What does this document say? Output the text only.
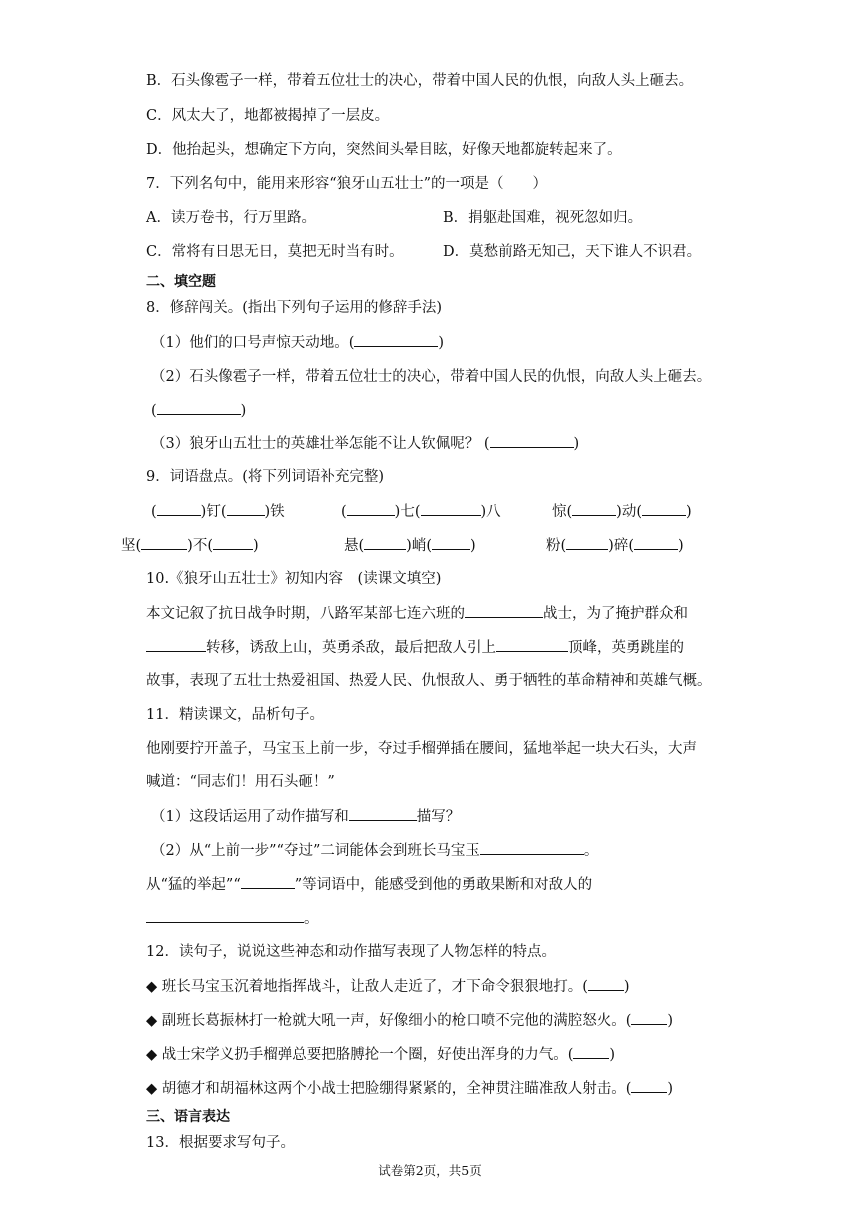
B．石头像雹子一样，带着五位壮士的决心，带着中国人民的仇恨，向敌人头上砸去。
C．风太大了，地都被揭掉了一层皮。
D．他抬起头，想确定下方向，突然间头晕目眩，好像天地都旋转起来了。
7．下列名句中，能用来形容“狼牙山五壮士”的一项是（　　）
A．读万卷书，行万里路。	B．捐躯赴国难，视死忽如归。
C．常将有日思无日，莫把无时当有时。	D．莫愁前路无知己，天下谁人不识君。
二、填空题
8．修辞闯关。(指出下列句子运用的修辞手法)
（1）他们的口号声惊天动地。(	)
（2）石头像雹子一样，带着五位壮士的决心，带着中国人民的仇恨，向敌人头上砸去。
(	)
（3）狼牙山五壮士的英雄壮举怎能不让人钦佩呢？ (	)
9．词语盘点。(将下列词语补充完整)
(	)钉(	)铁	(	)七(	)八	惊(	)动(	)
坚(	)不(	)	悬(	)峭(	)	粉(	)碎(	)
10.《狼牙山五壮士》初知内容　(读课文填空)
本文记叙了抗日战争时期，八路军某部七连六班的	战士，为了掩护群众和
转移，诱敌上山，英勇杀敌，最后把敌人引上	顶峰，英勇跳崖的
故事，表现了五壮士热爱祖国、热爱人民、仇恨敌人、勇于牺牲的革命精神和英雄气概。
11．精读课文，品析句子。
他刚要拧开盖子，马宝玉上前一步，夺过手榴弹插在腰间，猛地举起一块大石头，大声
喊道：“同志们！用石头砸！”
（1）这段话运用了动作描写和	描写？
（2）从“上前一步”“夺过”二词能体会到班长马宝玉	。
从“猛的举起”“	”等词语中，能感受到他的勇敢果断和对敌人的
。
12．读句子，说说这些神态和动作描写表现了人物怎样的特点。
◆ 班长马宝玉沉着地指挥战斗，让敌人走近了，才下命令狠狠地打。( )
◆ 副班长葛振林打一枪就大吼一声，好像细小的枪口喷不完他的满腔怒火。( )
◆ 战士宋学义扔手榴弹总要把胳膊抡一个圈，好使出浑身的力气。( )
◆ 胡德才和胡福林这两个小战士把脸绷得紧紧的，全神贯注瞄准敌人射击。( )
三、语言表达
13．根据要求写句子。
试卷第2页，共5页
